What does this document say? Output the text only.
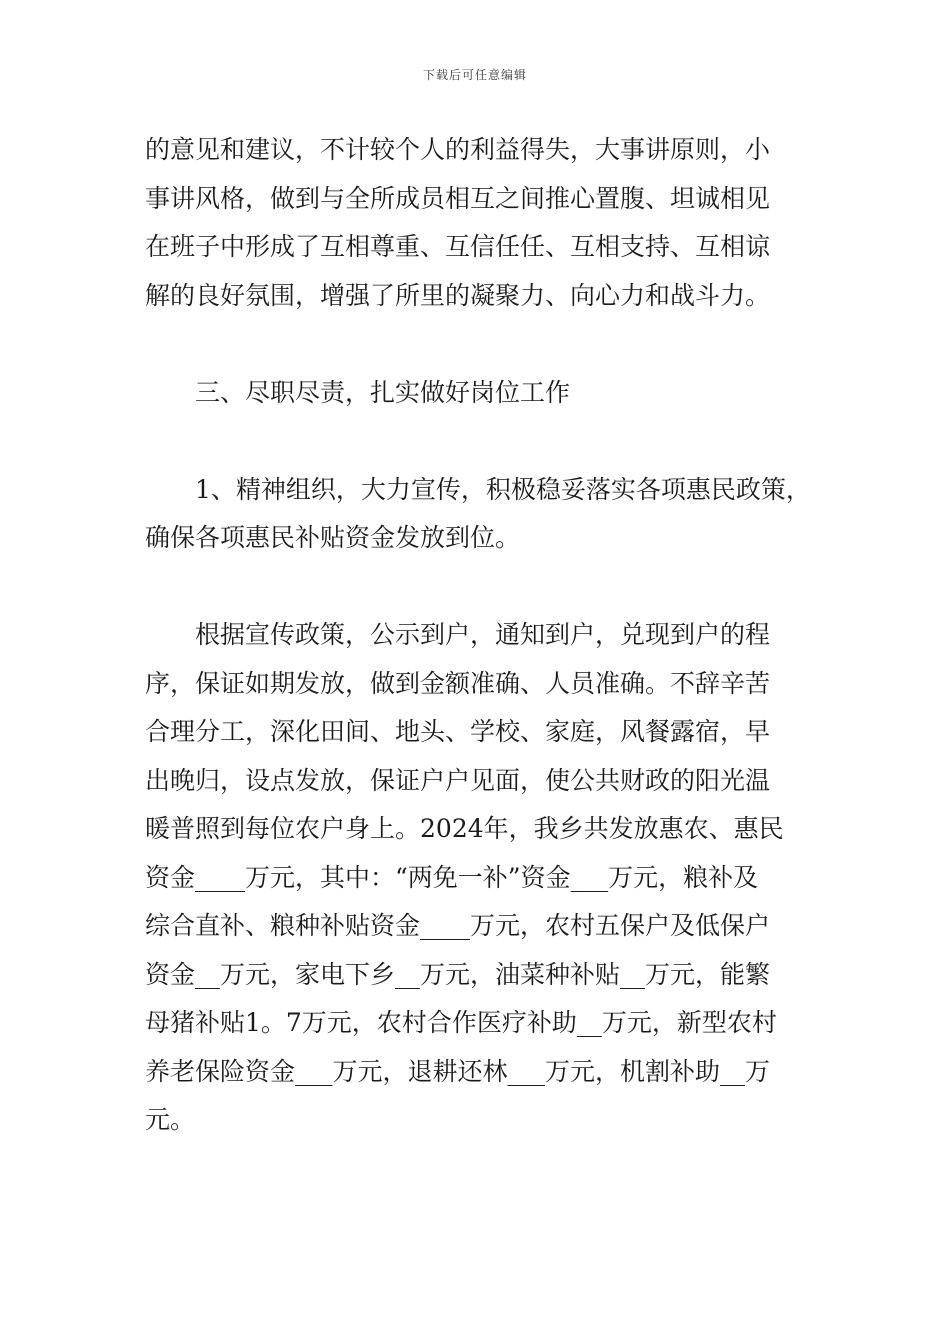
下载后可任意编辑
的意见和建议，不计较个人的利益得失，大事讲原则，小
事讲风格，做到与全所成员相互之间推心置腹、坦诚相见
在班子中形成了互相尊重、互信任任、互相支持、互相谅
解的良好氛围，增强了所里的凝聚力、向心力和战斗力。
三、尽职尽责，扎实做好岗位工作
1、精神组织，大力宣传，积极稳妥落实各项惠民政策，
确保各项惠民补贴资金发放到位。
根据宣传政策，公示到户，通知到户，兑现到户的程
序，保证如期发放，做到金额准确、人员准确。不辞辛苦
合理分工，深化田间、地头、学校、家庭，风餐露宿，早
出晚归，设点发放，保证户户见面，使公共财政的阳光温
暖普照到每位农户身上。2024年，我乡共发放惠农、惠民
资金____万元，其中：“两免一补”资金___万元，粮补及
综合直补、粮种补贴资金____万元，农村五保户及低保户
资金__万元，家电下乡__万元，油菜种补贴__万元，能繁
母猪补贴1。7万元，农村合作医疗补助__万元，新型农村
养老保险资金___万元，退耕还林___万元，机割补助__万
元。
